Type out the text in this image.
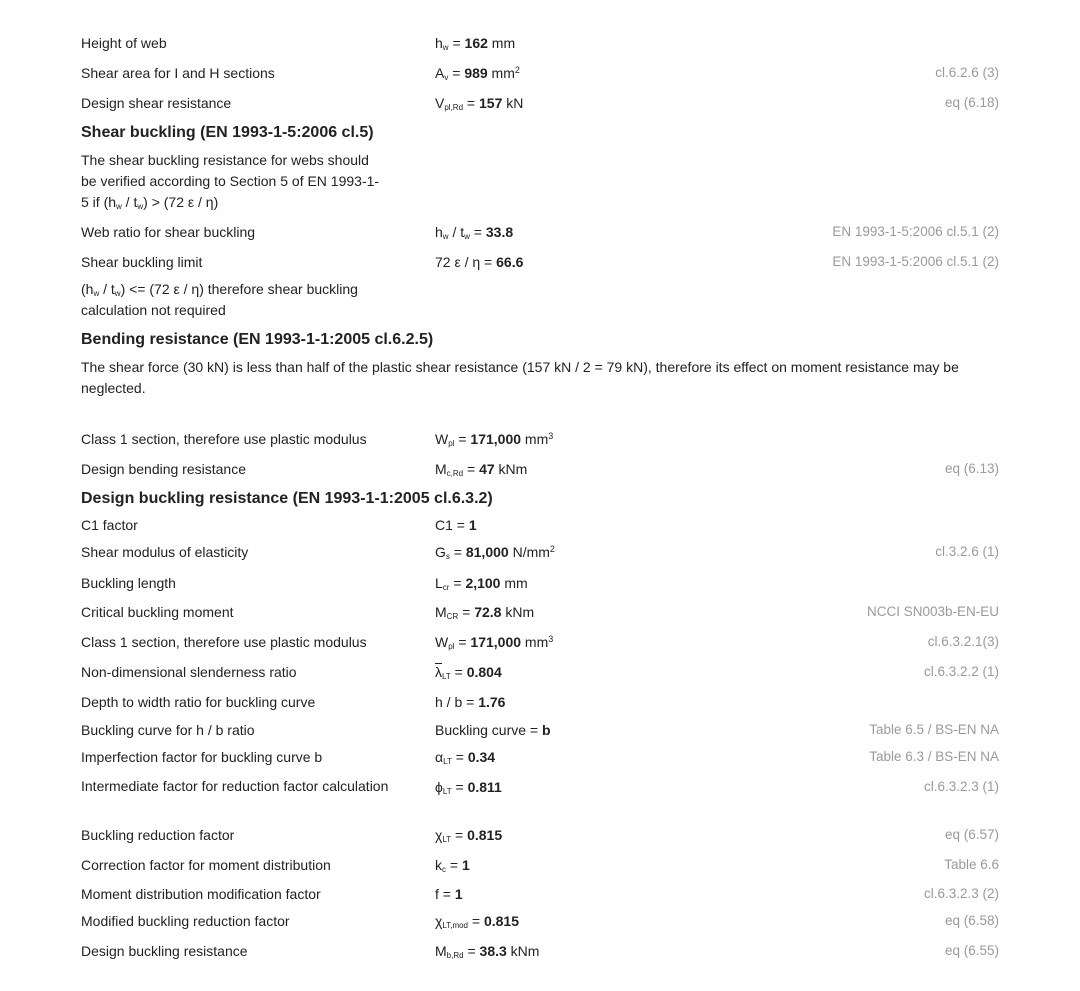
Height of web	$h_w = 162$ mm
Shear area for I and H sections	$A_v = 989$ $mm^2$	cl.6.2.6 (3)
Design shear resistance	$V_{pl,Rd} = 157$ kN	eq (6.18)
Shear buckling (EN 1993-1-5:2006 cl.5)
The shear buckling resistance for webs should be verified according to Section 5 of EN 1993-1-5 if $(h_w / t_w) > (72$ ε / η)
Web ratio for shear buckling	$h_w / t_w = 33.8$	EN 1993-1-5:2006 cl.5.1 (2)
Shear buckling limit	72 ε / η = 66.6	EN 1993-1-5:2006 cl.5.1 (2)
$(h_w / t_w) <= (72$ ε / η) therefore shear buckling calculation not required
Bending resistance (EN 1993-1-1:2005 cl.6.2.5)
The shear force (30 kN) is less than half of the plastic shear resistance (157 kN / 2 = 79 kN), therefore its effect on moment resistance may be neglected.
Class 1 section, therefore use plastic modulus	$W_{pl} = 171,000$ $mm^3$
Design bending resistance	$M_{c,Rd} = 47$ kNm	eq (6.13)
Design buckling resistance (EN 1993-1-1:2005 cl.6.3.2)
C1 factor	C1 = 1
Shear modulus of elasticity	$G_s = 81,000$ $N/mm^2$	cl.3.2.6 (1)
Buckling length	$L_{cr} = 2,100$ mm
Critical buckling moment	$M_{CR} = 72.8$ kNm	NCCI SN003b-EN-EU
Class 1 section, therefore use plastic modulus	$W_{pl} = 171,000$ $mm^3$	cl.6.3.2.1(3)
Non-dimensional slenderness ratio	$\overline{\lambda}_{LT} = 0.804$	cl.6.3.2.2 (1)
Depth to width ratio for buckling curve	h / b = 1.76
Buckling curve for h / b ratio	Buckling curve = b	Table 6.5 / BS-EN NA
Imperfection factor for buckling curve b	$\alpha_{LT} = 0.34$	Table 6.3 / BS-EN NA
Intermediate factor for reduction factor calculation	$\phi_{LT} = 0.811$	cl.6.3.2.3 (1)
Buckling reduction factor	$\chi_{LT} = 0.815$	eq (6.57)
Correction factor for moment distribution	$k_c = 1$	Table 6.6
Moment distribution modification factor	f = 1	cl.6.3.2.3 (2)
Modified buckling reduction factor	$\chi_{LT,mod} = 0.815$	eq (6.58)
Design buckling resistance	$M_{b,Rd} = 38.3$ kNm	eq (6.55)
